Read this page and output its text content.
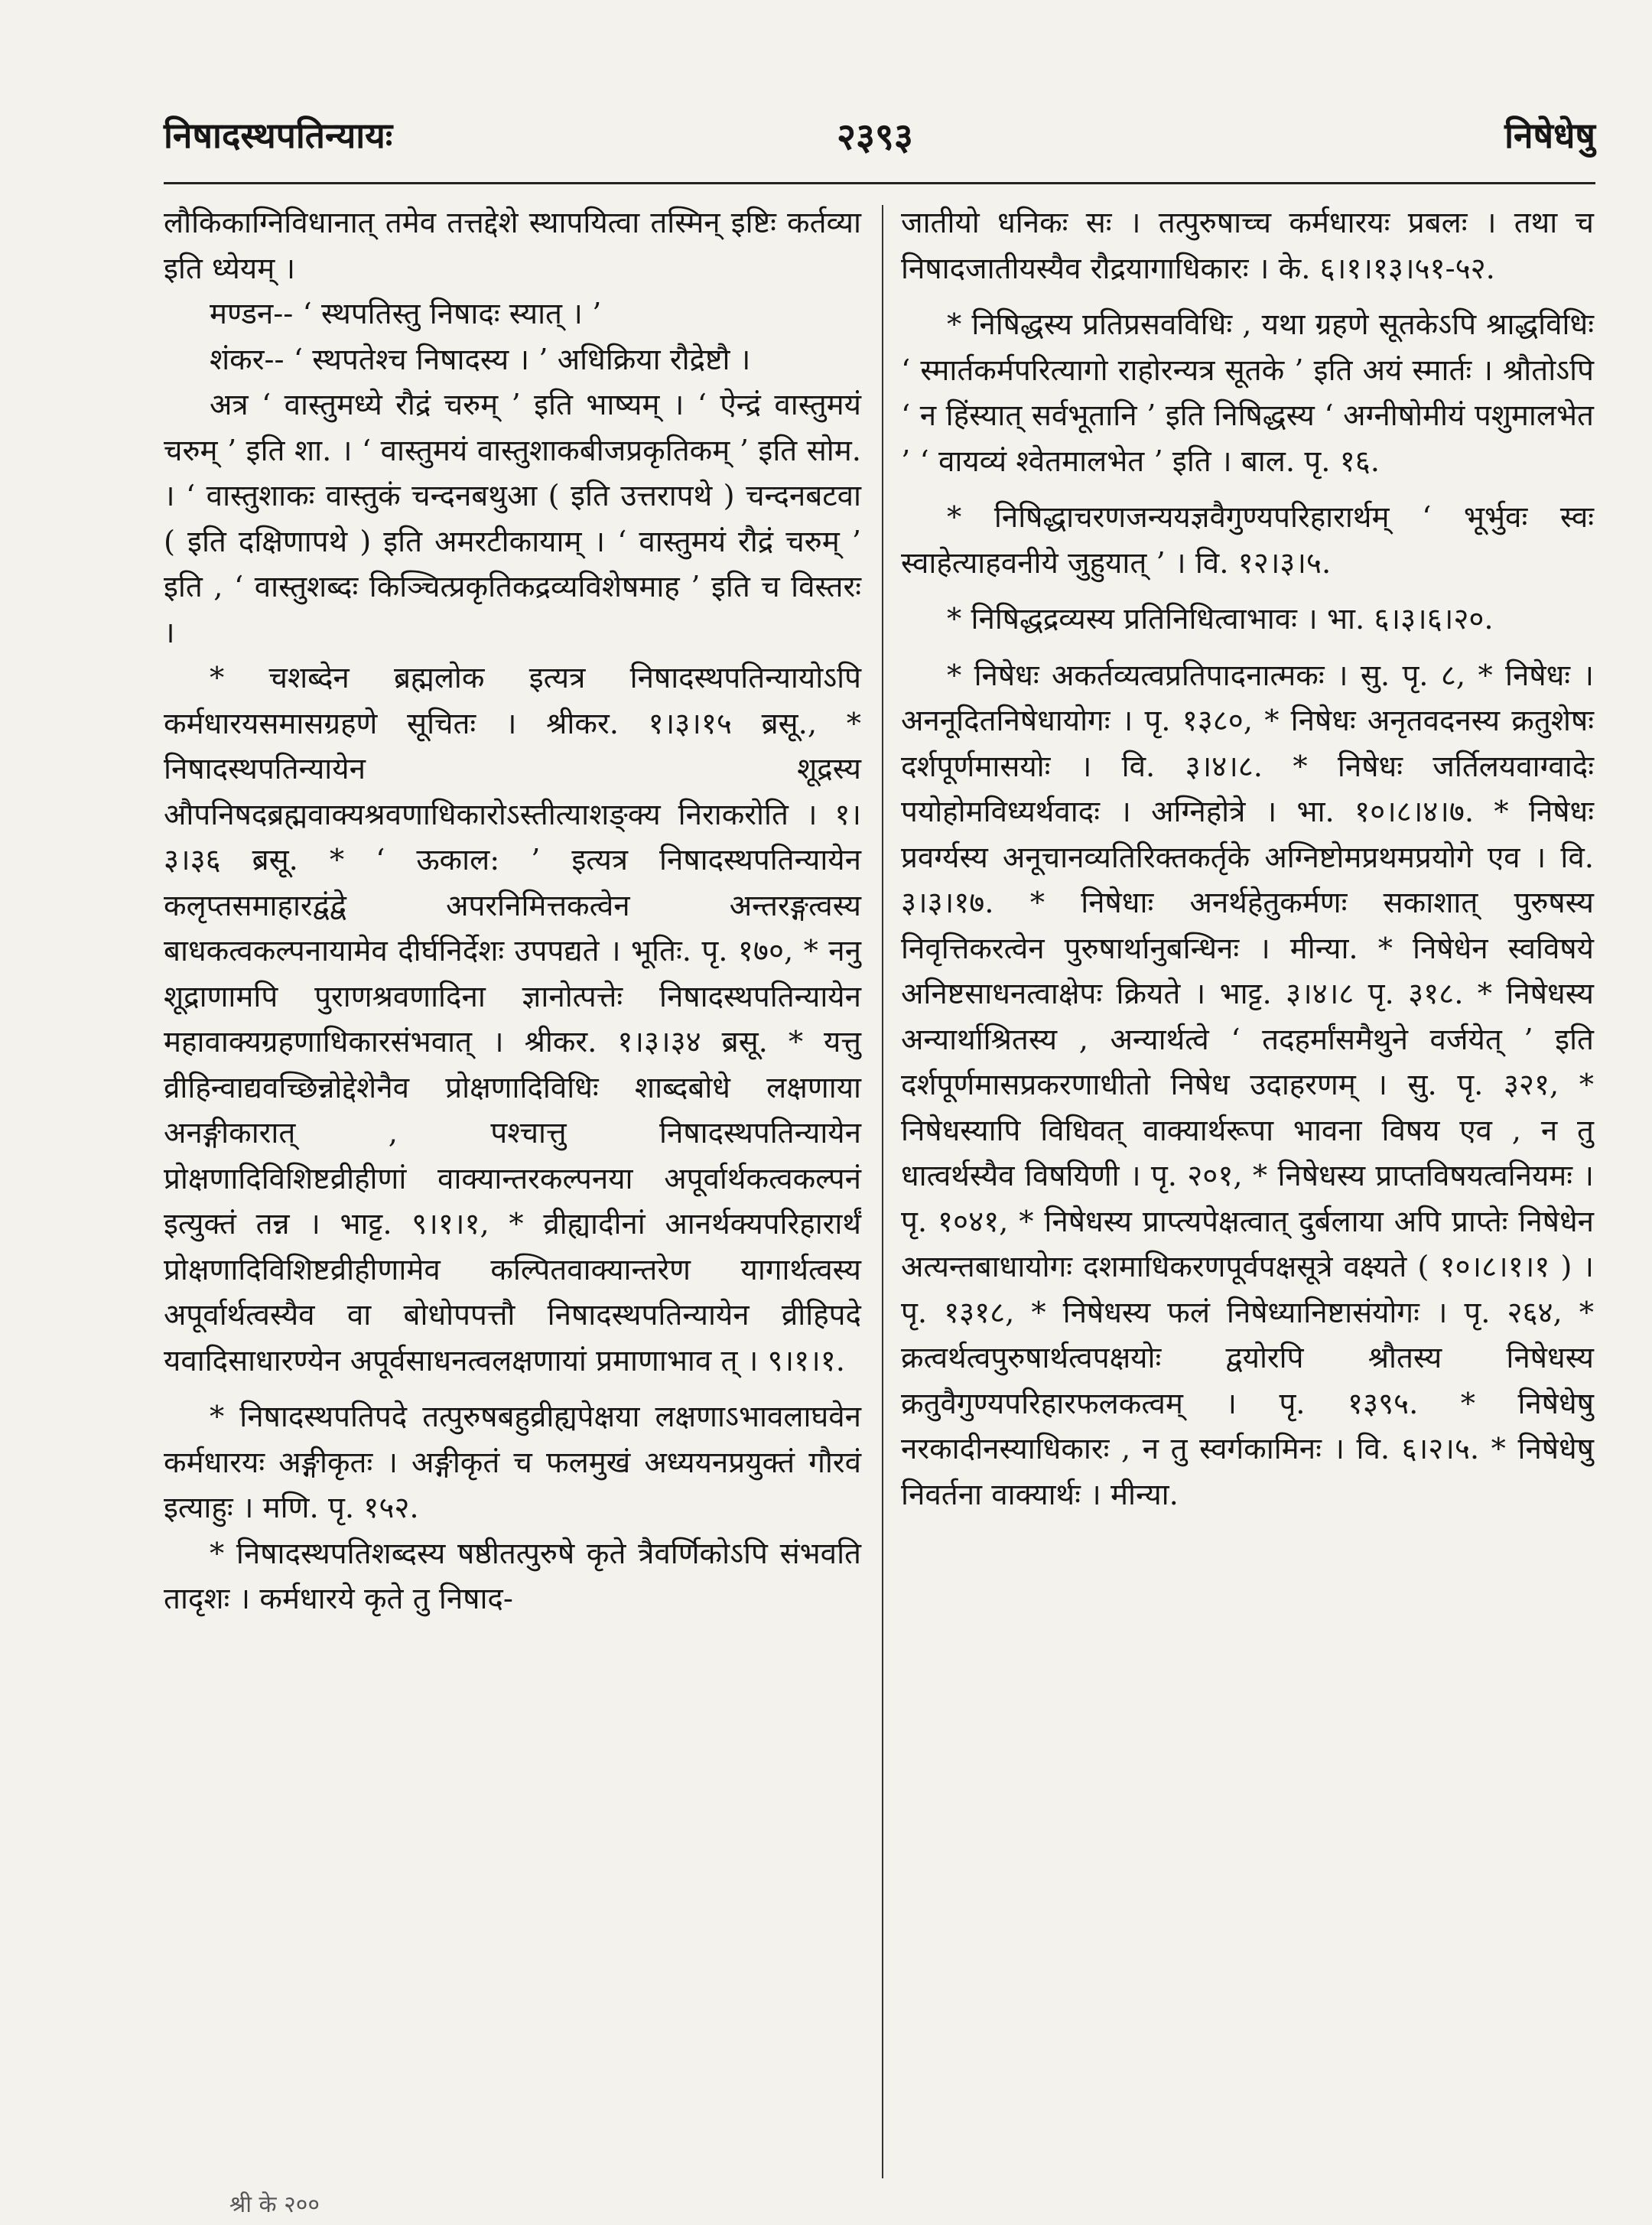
निषादस्थपतिन्यायः	२३९३	निषेधेषु

लौकिकाग्निविधानात् तमेव तत्तद्देशे स्थापयित्वा तस्मिन् इष्टिः कर्तव्या इति ध्येयम् ।

मण्डन-- ‘ स्थपतिस्तु निषादः स्यात् । ’

शंकर-- ‘ स्थपतेश्च निषादस्य । ’ अधिक्रिया रौद्रेष्टौ ।

अत्र ‘ वास्तुमध्ये रौद्रं चरुम् ’ इति भाष्यम् । ‘ ऐन्द्रं वास्तुमयं चरुम् ’ इति शा. । ‘ वास्तुमयं वास्तुशाकबीजप्रकृतिकम् ’ इति सोम. । ‘ वास्तुशाकः वास्तुकं चन्दनबथुआ ( इति उत्तरापथे ) चन्दनबटवा ( इति दक्षिणापथे ) इति अमरटीकायाम् । ‘ वास्तुमयं रौद्रं चरुम् ’ इति , ‘ वास्तुशब्दः किञ्चित्प्रकृतिकद्रव्यविशेषमाह ’ इति च विस्तरः ।

* चशब्देन ब्रह्मलोक इत्यत्र निषादस्थपतिन्यायोऽपि कर्मधारयसमासग्रहणे सूचितः । श्रीकर. १।३।१५ ब्रसू., * निषादस्थपतिन्यायेन शूद्रस्य औपनिषदब्रह्मवाक्यश्रवणाधिकारोऽस्तीत्याशङ्क्य निराकरोति । १।३।३६ ब्रसू. * ‘ ऊकाल: ’ इत्यत्र निषादस्थपतिन्यायेन कलृप्तसमाहारद्वंद्वे अपरनिमित्तकत्वेन अन्तरङ्गत्वस्य बाधकत्वकल्पनायामेव दीर्घनिर्देशः उपपद्यते । भूतिः. पृ. १७०, * ननु शूद्राणामपि पुराणश्रवणादिना ज्ञानोत्पत्तेः निषादस्थपतिन्यायेन महावाक्यग्रहणाधिकारसंभवात् । श्रीकर. १।३।३४ ब्रसू. * यत्तु व्रीहिन्वाद्यवच्छिन्नोद्देशेनैव प्रोक्षणादिविधिः शाब्दबोधे लक्षणाया अनङ्गीकारात् , पश्चात्तु निषादस्थपतिन्यायेन प्रोक्षणादिविशिष्टव्रीहीणां वाक्यान्तरकल्पनया अपूर्वार्थकत्वकल्पनं इत्युक्तं तन्न । भाट्ट. ९।१।१, * व्रीह्यादीनां आनर्थक्यपरिहारार्थं प्रोक्षणादिविशिष्टव्रीहीणामेव कल्पितवाक्यान्तरेण यागार्थत्वस्य अपूर्वार्थत्वस्यैव वा बोधोपपत्तौ निषादस्थपतिन्यायेन व्रीहिपदे यवादिसाधारण्येन अपूर्वसाधनत्वलक्षणायां प्रमाणाभाव त् । ९।१।१.

* निषादस्थपतिपदे तत्पुरुषबहुव्रीह्यपेक्षया लक्षणाऽभावलाघवेन कर्मधारयः अङ्गीकृतः । अङ्गीकृतं च फलमुखं अध्ययनप्रयुक्तं गौरवं इत्याहुः । मणि. पृ. १५२.

* निषादस्थपतिशब्दस्य षष्ठीतत्पुरुषे कृते त्रैवर्णिकोऽपि संभवति तादृशः । कर्मधारये कृते तु निषाद-

जातीयो धनिकः सः । तत्पुरुषाच्च कर्मधारयः प्रबलः । तथा च निषादजातीयस्यैव रौद्रयागाधिकारः । के. ६।१।१३।५१-५२.

* निषिद्धस्य प्रतिप्रसवविधिः , यथा ग्रहणे सूतकेऽपि श्राद्धविधिः ‘ स्मार्तकर्मपरित्यागो राहोरन्यत्र सूतके ’ इति अयं स्मार्तः । श्रौतोऽपि ‘ न हिंस्यात् सर्वभूतानि ’ इति निषिद्धस्य ‘ अग्नीषोमीयं पशुमालभेत ’ ‘ वायव्यं श्वेतमालभेत ’ इति । बाल. पृ. १६.

* निषिद्धाचरणजन्ययज्ञवैगुण्यपरिहारार्थम् ‘ भूर्भुवः स्वः स्वाहेत्याहवनीये जुहुयात् ’ । वि. १२।३।५.

* निषिद्धद्रव्यस्य प्रतिनिधित्वाभावः । भा. ६।३।६।२०.

* निषेधः अकर्तव्यत्वप्रतिपादनात्मकः । सु. पृ. ८, * निषेधः । अननूदितनिषेधायोगः । पृ. १३८०, * निषेधः अनृतवदनस्य क्रतुशेषः दर्शपूर्णमासयोः । वि. ३।४।८. * निषेधः जर्तिलयवाग्वादेः पयोहोमविध्यर्थवादः । अग्निहोत्रे । भा. १०।८।४।७. * निषेधः प्रवर्ग्यस्य अनूचानव्यतिरिक्तकर्तृके अग्निष्टोमप्रथमप्रयोगे एव । वि. ३।३।१७. * निषेधाः अनर्थहेतुकर्मणः सकाशात् पुरुषस्य निवृत्तिकरत्वेन पुरुषार्थानुबन्धिनः । मीन्या. * निषेधेन स्वविषये अनिष्टसाधनत्वाक्षेपः क्रियते । भाट्ट. ३।४।८ पृ. ३१८. * निषेधस्य अन्यार्थाश्रितस्य , अन्यार्थत्वे ‘ तदहर्मांसमैथुने वर्जयेत् ’ इति दर्शपूर्णमासप्रकरणाधीतो निषेध उदाहरणम् । सु. पृ. ३२१, * निषेधस्यापि विधिवत् वाक्यार्थरूपा भावना विषय एव , न तु धात्वर्थस्यैव विषयिणी । पृ. २०१, * निषेधस्य प्राप्तविषयत्वनियमः । पृ. १०४१, * निषेधस्य प्राप्त्यपेक्षत्वात् दुर्बलाया अपि प्राप्तेः निषेधेन अत्यन्तबाधायोगः दशमाधिकरणपूर्वपक्षसूत्रे वक्ष्यते ( १०।८।१।१ ) । पृ. १३१८, * निषेधस्य फलं निषेध्यानिष्टासंयोगः । पृ. २६४, * क्रत्वर्थत्वपुरुषार्थत्वपक्षयोः द्वयोरपि श्रौतस्य निषेधस्य क्रतुवैगुण्यपरिहारफलकत्वम् । पृ. १३९५. * निषेधेषु नरकादीनस्याधिकारः , न तु स्वर्गकामिनः । वि. ६।२।५. * निषेधेषु निवर्तना वाक्यार्थः । मीन्या.

श्री के २००
